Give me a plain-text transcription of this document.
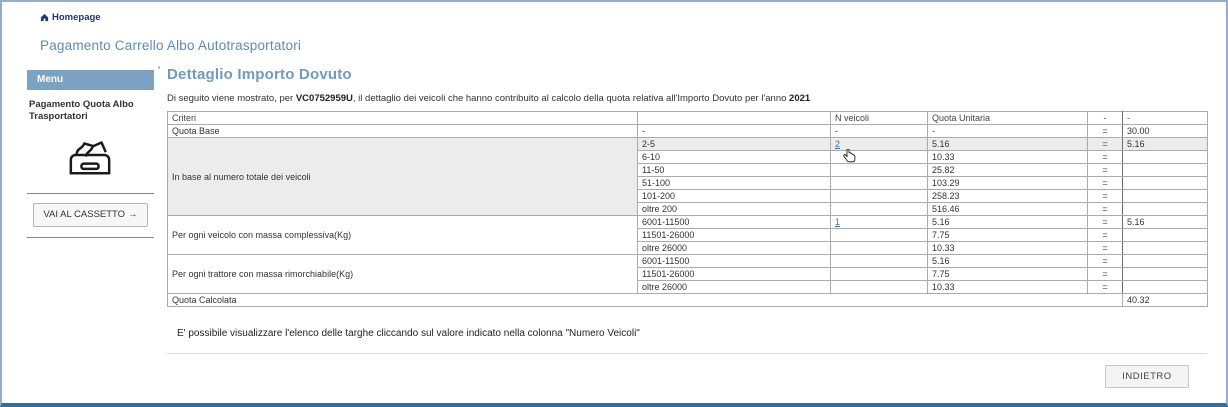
Homepage
Pagamento Carrello Albo Autotrasportatori
Menu
Pagamento Quota Albo Trasportatori
VAI AL CASSETTO →
' Dettaglio Importo Dovuto
Di seguito viene mostrato, per VC0752959U, il dettaglio dei veicoli che hanno contribuito al calcolo della quota relativa all'Importo Dovuto per l'anno 2021
Criteri		N veicoli	Quota Unitaria	-	-
Quota Base	-	-	-	=	30.00
In base al numero totale dei veicoli	2-5	2	5.16	=	5.16
	6-10		10.33	=	
	11-50		25.82	=	
	51-100		103.29	=	
	101-200		258.23	=	
	oltre 200		516.46	=	
Per ogni veicolo con massa complessiva(Kg)	6001-11500	1	5.16	=	5.16
	11501-26000		7.75	=	
	oltre 26000		10.33	=	
Per ogni trattore con massa rimorchiabile(Kg)	6001-11500		5.16	=	
	11501-26000		7.75	=	
	oltre 26000		10.33	=	
Quota Calcolata					40.32
E' possibile visualizzare l'elenco delle targhe cliccando sul valore indicato nella colonna "Numero Veicoli"
INDIETRO
